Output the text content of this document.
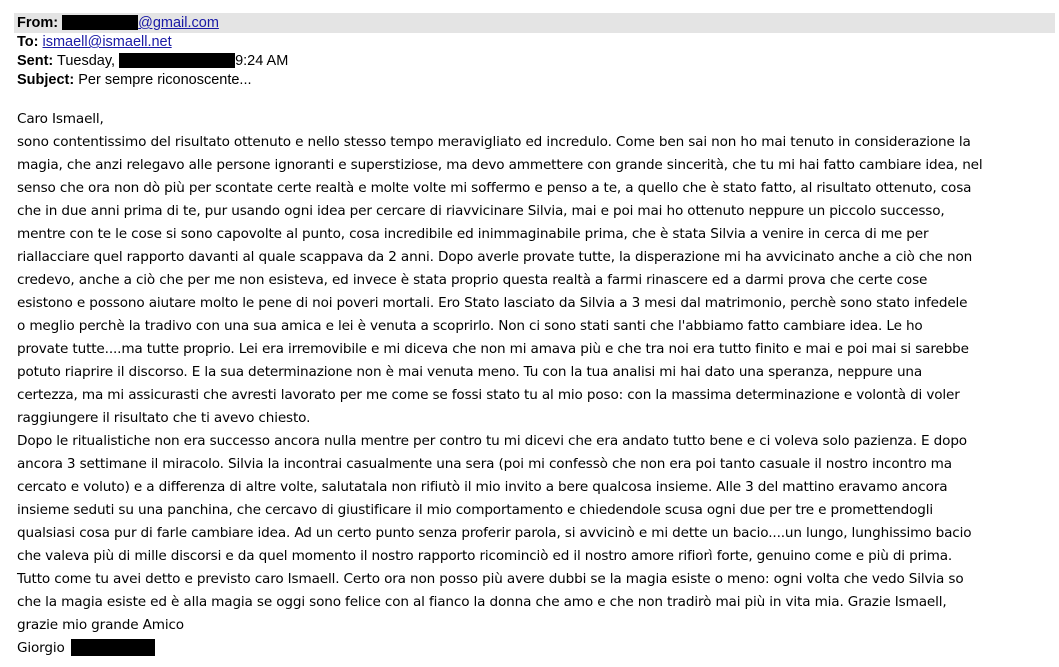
From:	@gmail.com
To: ismaell@ismaell.net
Sent: Tuesday,	9:24 AM
Subject: Per sempre riconoscente...
Caro Ismaell,
sono contentissimo del risultato ottenuto e nello stesso tempo meravigliato ed incredulo. Come ben sai non ho mai tenuto in considerazione la
magia, che anzi relegavo alle persone ignoranti e superstiziose, ma devo ammettere con grande sincerità, che tu mi hai fatto cambiare idea, nel
senso che ora non dò più per scontate certe realtà e molte volte mi soffermo e penso a te, a quello che è stato fatto, al risultato ottenuto, cosa
che in due anni prima di te, pur usando ogni idea per cercare di riavvicinare Silvia, mai e poi mai ho ottenuto neppure un piccolo successo,
mentre con te le cose si sono capovolte al punto, cosa incredibile ed inimmaginabile prima, che è stata Silvia a venire in cerca di me per
riallacciare quel rapporto davanti al quale scappava da 2 anni. Dopo averle provate tutte, la disperazione mi ha avvicinato anche a ciò che non
credevo, anche a ciò che per me non esisteva, ed invece è stata proprio questa realtà a farmi rinascere ed a darmi prova che certe cose
esistono e possono aiutare molto le pene di noi poveri mortali. Ero Stato lasciato da Silvia a 3 mesi dal matrimonio, perchè sono stato infedele
o meglio perchè la tradivo con una sua amica e lei è venuta a scoprirlo. Non ci sono stati santi che l'abbiamo fatto cambiare idea. Le ho
provate tutte....ma tutte proprio. Lei era irremovibile e mi diceva che non mi amava più e che tra noi era tutto finito e mai e poi mai si sarebbe
potuto riaprire il discorso. E la sua determinazione non è mai venuta meno. Tu con la tua analisi mi hai dato una speranza, neppure una
certezza, ma mi assicurasti che avresti lavorato per me come se fossi stato tu al mio poso: con la massima determinazione e volontà di voler
raggiungere il risultato che ti avevo chiesto.
Dopo le ritualistiche non era successo ancora nulla mentre per contro tu mi dicevi che era andato tutto bene e ci voleva solo pazienza. E dopo
ancora 3 settimane il miracolo. Silvia la incontrai casualmente una sera (poi mi confessò che non era poi tanto casuale il nostro incontro ma
cercato e voluto) e a differenza di altre volte, salutatala non rifiutò il mio invito a bere qualcosa insieme. Alle 3 del mattino eravamo ancora
insieme seduti su una panchina, che cercavo di giustificare il mio comportamento e chiedendole scusa ogni due per tre e promettendogli
qualsiasi cosa pur di farle cambiare idea. Ad un certo punto senza proferir parola, si avvicinò e mi dette un bacio....un lungo, lunghissimo bacio
che valeva più di mille discorsi e da quel momento il nostro rapporto ricominciò ed il nostro amore rifiorì forte, genuino come e più di prima.
Tutto come tu avei detto e previsto caro Ismaell. Certo ora non posso più avere dubbi se la magia esiste o meno: ogni volta che vedo Silvia so
che la magia esiste ed è alla magia se oggi sono felice con al fianco la donna che amo e che non tradirò mai più in vita mia. Grazie Ismaell,
grazie mio grande Amico
Giorgio
